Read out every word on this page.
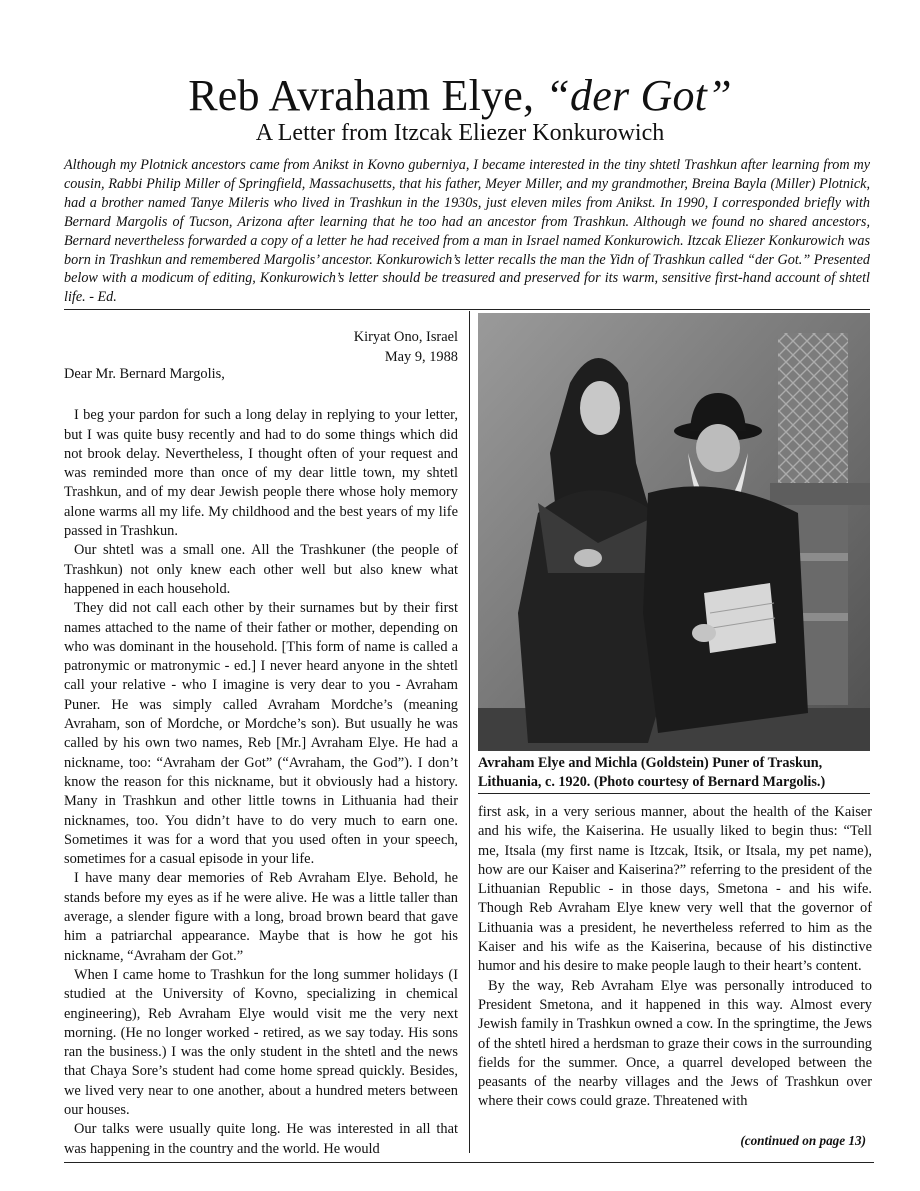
Reb Avraham Elye, “der Got”
A Letter from Itzcak Eliezer Konkurowich

Although my Plotnick ancestors came from Anikst in Kovno guberniya, I became interested in the tiny shtetl Trashkun after learning from my cousin, Rabbi Philip Miller of Springfield, Massachusetts, that his father, Meyer Miller, and my grandmother, Breina Bayla (Miller) Plotnick, had a brother named Tanye Mileris who lived in Trashkun in the 1930s, just eleven miles from Anikst. In 1990, I corresponded briefly with Bernard Margolis of Tucson, Arizona after learning that he too had an ancestor from Trashkun. Although we found no shared ancestors, Bernard nevertheless forwarded a copy of a letter he had received from a man in Israel named Konkurowich. Itzcak Eliezer Konkurowich was born in Trashkun and remembered Margolis’ ancestor. Konkurowich’s letter recalls the man the Yidn of Trashkun called “der Got.” Presented below with a modicum of editing, Konkurowich’s letter should be treasured and preserved for its warm, sensitive first-hand account of shtetl life. - Ed.

Kiryat Ono, Israel

May 9, 1988

Dear Mr. Bernard Margolis,

I beg your pardon for such a long delay in replying to your letter, but I was quite busy recently and had to do some things which did not brook delay. Nevertheless, I thought often of your request and was reminded more than once of my dear little town, my shtetl Trashkun, and of my dear Jewish people there whose holy memory alone warms all my life. My childhood and the best years of my life passed in Trashkun.

Our shtetl was a small one. All the Trashkuner (the people of Trashkun) not only knew each other well but also knew what happened in each household.

They did not call each other by their surnames but by their first names attached to the name of their father or mother, depending on who was dominant in the household. [This form of name is called a patronymic or matronymic - ed.] I never heard anyone in the shtetl call your relative - who I imagine is very dear to you - Avraham Puner. He was simply called Avraham Mordche’s (meaning Avraham, son of Mordche, or Mordche’s son). But usually he was called by his own two names, Reb [Mr.] Avraham Elye. He had a nickname, too: “Avraham der Got” (“Avraham, the God”). I don’t know the reason for this nickname, but it obviously had a history. Many in Trashkun and other little towns in Lithuania had their nicknames, too. You didn’t have to do very much to earn one. Sometimes it was for a word that you used often in your speech, sometimes for a casual episode in your life.

I have many dear memories of Reb Avraham Elye. Behold, he stands before my eyes as if he were alive. He was a little taller than average, a slender figure with a long, broad brown beard that gave him a patriarchal appearance. Maybe that is how he got his nickname, “Avraham der Got.”

When I came home to Trashkun for the long summer holidays (I studied at the University of Kovno, specializing in chemical engineering), Reb Avraham Elye would visit me the very next morning. (He no longer worked - retired, as we say today. His sons ran the business.) I was the only student in the shtetl and the news that Chaya Sore’s student had come home spread quickly. Besides, we lived very near to one another, about a hundred meters between our houses.

Our talks were usually quite long. He was interested in all that was happening in the country and the world. He would

Avraham Elye and Michla (Goldstein) Puner of Traskun, Lithuania, c. 1920. (Photo courtesy of Bernard Margolis.)

first ask, in a very serious manner, about the health of the Kaiser and his wife, the Kaiserina. He usually liked to begin thus: “Tell me, Itsala (my first name is Itzcak, Itsik, or Itsala, my pet name), how are our Kaiser and Kaiserina?” referring to the president of the Lithuanian Republic - in those days, Smetona - and his wife. Though Reb Avraham Elye knew very well that the governor of Lithuania was a president, he nevertheless referred to him as the Kaiser and his wife as the Kaiserina, because of his distinctive humor and his desire to make people laugh to their heart’s content.

By the way, Reb Avraham Elye was personally introduced to President Smetona, and it happened in this way. Almost every Jewish family in Trashkun owned a cow. In the springtime, the Jews of the shtetl hired a herdsman to graze their cows in the surrounding fields for the summer. Once, a quarrel developed between the peasants of the nearby villages and the Jews of Trashkun over where their cows could graze. Threatened with

(continued on page 13)
